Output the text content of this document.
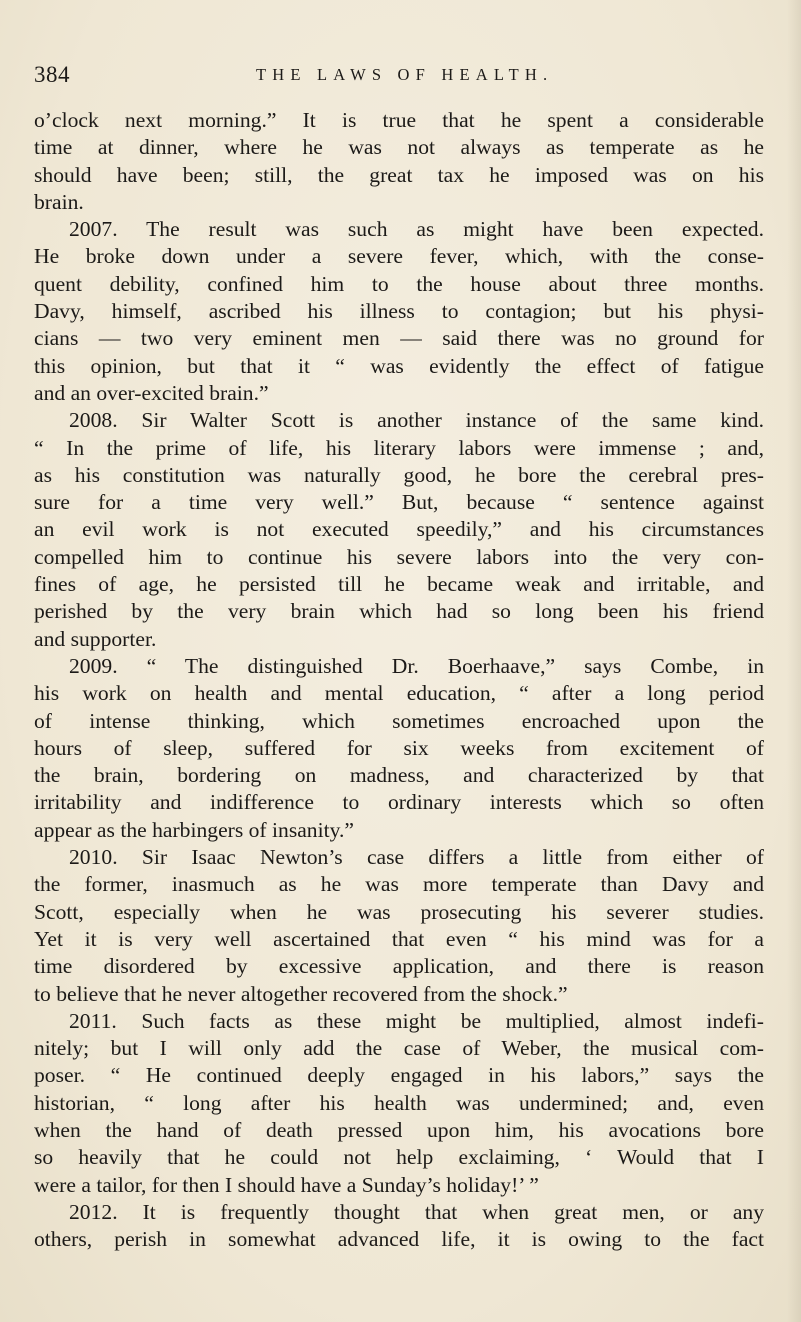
384	THE LAWS OF HEALTH.
o’clock next morning.” It is true that he spent a considerable
time at dinner, where he was not always as temperate as he
should have been; still, the great tax he imposed was on his
brain.
2007. The result was such as might have been expected.
He broke down under a severe fever, which, with the conse-
quent debility, confined him to the house about three months.
Davy, himself, ascribed his illness to contagion; but his physi-
cians — two very eminent men — said there was no ground for
this opinion, but that it “ was evidently the effect of fatigue
and an over-excited brain.”
2008. Sir Walter Scott is another instance of the same kind.
“ In the prime of life, his literary labors were immense ; and,
as his constitution was naturally good, he bore the cerebral pres-
sure for a time very well.” But, because “ sentence against
an evil work is not executed speedily,” and his circumstances
compelled him to continue his severe labors into the very con-
fines of age, he persisted till he became weak and irritable, and
perished by the very brain which had so long been his friend
and supporter.
2009. “ The distinguished Dr. Boerhaave,” says Combe, in
his work on health and mental education, “ after a long period
of intense thinking, which sometimes encroached upon the
hours of sleep, suffered for six weeks from excitement of
the brain, bordering on madness, and characterized by that
irritability and indifference to ordinary interests which so often
appear as the harbingers of insanity.”
2010. Sir Isaac Newton’s case differs a little from either of
the former, inasmuch as he was more temperate than Davy and
Scott, especially when he was prosecuting his severer studies.
Yet it is very well ascertained that even “ his mind was for a
time disordered by excessive application, and there is reason
to believe that he never altogether recovered from the shock.”
2011. Such facts as these might be multiplied, almost indefi-
nitely; but I will only add the case of Weber, the musical com-
poser. “ He continued deeply engaged in his labors,” says the
historian, “ long after his health was undermined; and, even
when the hand of death pressed upon him, his avocations bore
so heavily that he could not help exclaiming, ‘ Would that I
were a tailor, for then I should have a Sunday’s holiday!’ ”
2012. It is frequently thought that when great men, or any
others, perish in somewhat advanced life, it is owing to the fact
